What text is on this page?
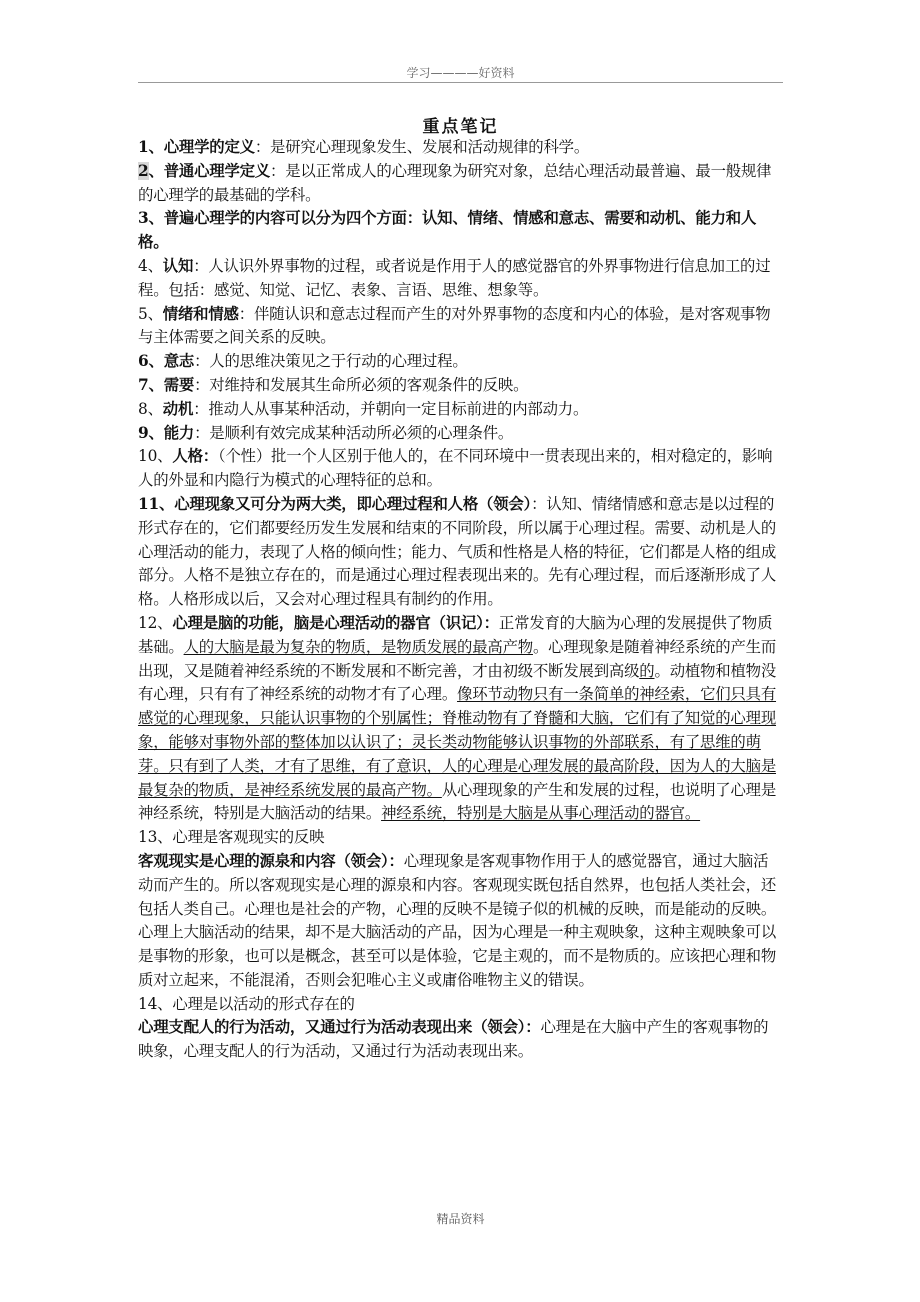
学习————好资料
重点笔记

1、心理学的定义：是研究心理现象发生、发展和活动规律的科学。

2、普通心理学定义：是以正常成人的心理现象为研究对象，总结心理活动最普遍、最一般规律的心理学的最基础的学科。

3、普遍心理学的内容可以分为四个方面：认知、情绪、情感和意志、需要和动机、能力和人格。

4、认知：人认识外界事物的过程，或者说是作用于人的感觉器官的外界事物进行信息加工的过程。包括：感觉、知觉、记忆、表象、言语、思维、想象等。

5、情绪和情感：伴随认识和意志过程而产生的对外界事物的态度和内心的体验，是对客观事物与主体需要之间关系的反映。

6、意志：人的思维决策见之于行动的心理过程。

7、需要：对维持和发展其生命所必须的客观条件的反映。

8、动机：推动人从事某种活动，并朝向一定目标前进的内部动力。

9、能力：是顺利有效完成某种活动所必须的心理条件。

10、人格：（个性）批一个人区别于他人的，在不同环境中一贯表现出来的，相对稳定的，影响人的外显和内隐行为模式的心理特征的总和。

11、心理现象又可分为两大类，即心理过程和人格（领会）：认知、情绪情感和意志是以过程的形式存在的，它们都要经历发生发展和结束的不同阶段，所以属于心理过程。需要、动机是人的心理活动的能力，表现了人格的倾向性；能力、气质和性格是人格的特征，它们都是人格的组成部分。人格不是独立存在的，而是通过心理过程表现出来的。先有心理过程，而后逐渐形成了人格。人格形成以后，又会对心理过程具有制约的作用。

12、心理是脑的功能，脑是心理活动的器官（识记）：正常发育的大脑为心理的发展提供了物质基础。人的大脑是最为复杂的物质，是物质发展的最高产物。心理现象是随着神经系统的产生而出现，又是随着神经系统的不断发展和不断完善，才由初级不断发展到高级的。动植物和植物没有心理，只有有了神经系统的动物才有了心理。像环节动物只有一条简单的神经索，它们只具有感觉的心理现象，只能认识事物的个别属性；脊椎动物有了脊髓和大脑，它们有了知觉的心理现象，能够对事物外部的整体加以认识了；灵长类动物能够认识事物的外部联系，有了思维的萌芽。只有到了人类，才有了思维，有了意识，人的心理是心理发展的最高阶段，因为人的大脑是最复杂的物质，是神经系统发展的最高产物。从心理现象的产生和发展的过程，也说明了心理是神经系统，特别是大脑活动的结果。神经系统，特别是大脑是从事心理活动的器官。

13、心理是客观现实的反映

客观现实是心理的源泉和内容（领会）：心理现象是客观事物作用于人的感觉器官，通过大脑活动而产生的。所以客观现实是心理的源泉和内容。客观现实既包括自然界，也包括人类社会，还包括人类自己。心理也是社会的产物，心理的反映不是镜子似的机械的反映，而是能动的反映。心理上大脑活动的结果，却不是大脑活动的产品，因为心理是一种主观映象，这种主观映象可以是事物的形象，也可以是概念，甚至可以是体验，它是主观的，而不是物质的。应该把心理和物质对立起来，不能混淆，否则会犯唯心主义或庸俗唯物主义的错误。

14、心理是以活动的形式存在的

心理支配人的行为活动，又通过行为活动表现出来（领会）：心理是在大脑中产生的客观事物的映象，心理支配人的行为活动，又通过行为活动表现出来。

精品资料
